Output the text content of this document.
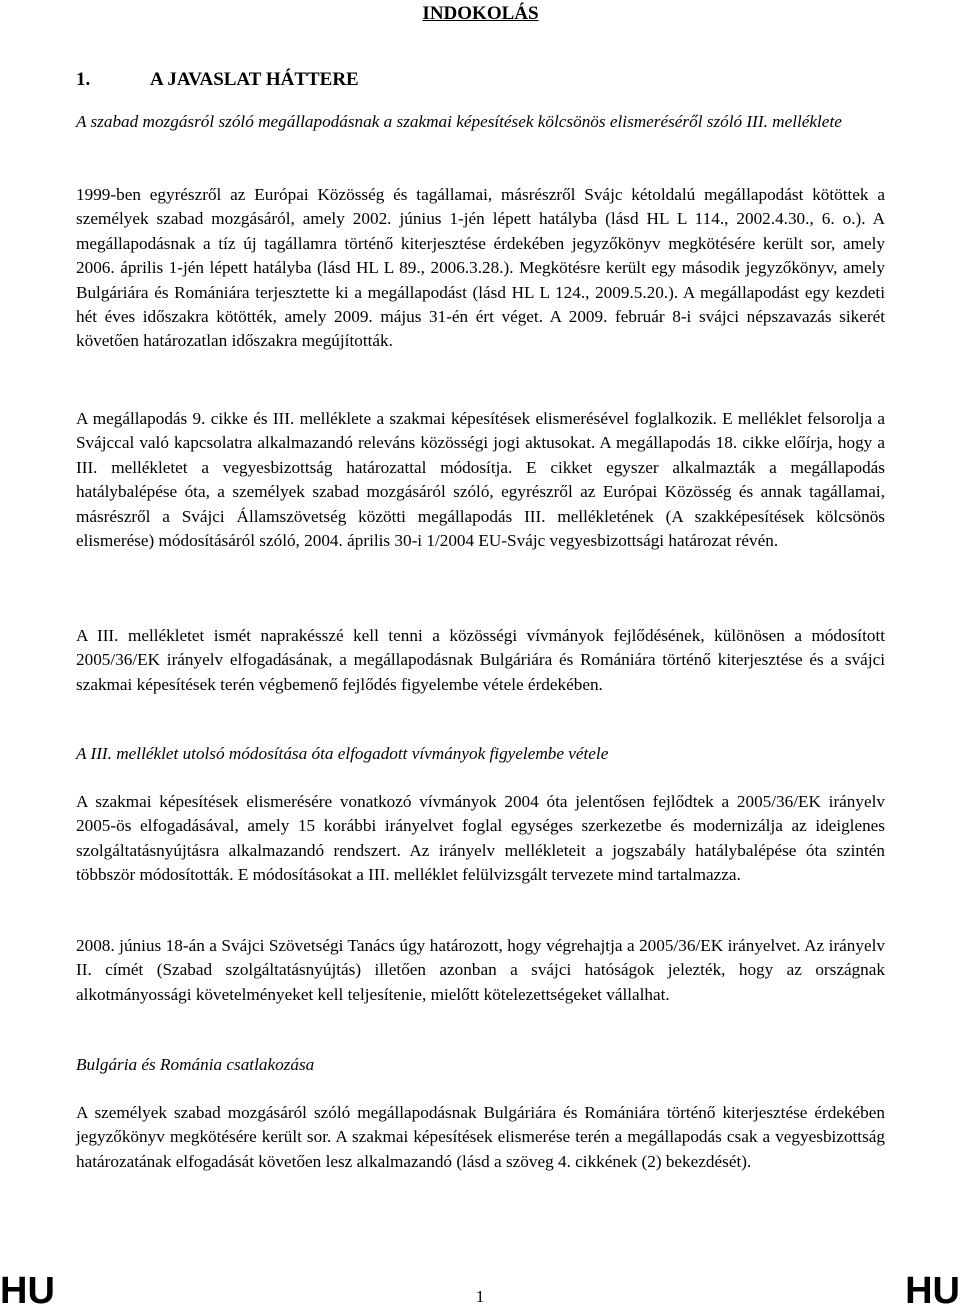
INDOKOLÁS
1.	A JAVASLAT HÁTTERE
A szabad mozgásról szóló megállapodásnak a szakmai képesítések kölcsönös elismeréséről szóló III. melléklete
1999-ben egyrészről az Európai Közösség és tagállamai, másrészről Svájc kétoldalú megállapodást kötöttek a személyek szabad mozgásáról, amely 2002. június 1-jén lépett hatályba (lásd HL L 114., 2002.4.30., 6. o.). A megállapodásnak a tíz új tagállamra történő kiterjesztése érdekében jegyzőkönyv megkötésére került sor, amely 2006. április 1-jén lépett hatályba (lásd HL L 89., 2006.3.28.). Megkötésre került egy második jegyzőkönyv, amely Bulgáriára és Romániára terjesztette ki a megállapodást (lásd HL L 124., 2009.5.20.). A megállapodást egy kezdeti hét éves időszakra kötötték, amely 2009. május 31-én ért véget. A 2009. február 8-i svájci népszavazás sikerét követően határozatlan időszakra megújították.
A megállapodás 9. cikke és III. melléklete a szakmai képesítések elismerésével foglalkozik. E melléklet felsorolja a Svájccal való kapcsolatra alkalmazandó releváns közösségi jogi aktusokat. A megállapodás 18. cikke előírja, hogy a III. mellékletet a vegyesbizottság határozattal módosítja. E cikket egyszer alkalmazták a megállapodás hatálybalépése óta, a személyek szabad mozgásáról szóló, egyrészről az Európai Közösség és annak tagállamai, másrészről a Svájci Államszövetség közötti megállapodás III. mellékletének (A szakképesítések kölcsönös elismerése) módosításáról szóló, 2004. április 30-i 1/2004 EU-Svájc vegyesbizottsági határozat révén.
A III. mellékletet ismét naprakésszé kell tenni a közösségi vívmányok fejlődésének, különösen a módosított 2005/36/EK irányelv elfogadásának, a megállapodásnak Bulgáriára és Romániára történő kiterjesztése és a svájci szakmai képesítések terén végbemenő fejlődés figyelembe vétele érdekében.
A III. melléklet utolsó módosítása óta elfogadott vívmányok figyelembe vétele
A szakmai képesítések elismerésére vonatkozó vívmányok 2004 óta jelentősen fejlődtek a 2005/36/EK irányelv 2005-ös elfogadásával, amely 15 korábbi irányelvet foglal egységes szerkezetbe és modernizálja az ideiglenes szolgáltatásnyújtásra alkalmazandó rendszert. Az irányelv mellékleteit a jogszabály hatálybalépése óta szintén többször módosították. E módosításokat a III. melléklet felülvizsgált tervezete mind tartalmazza.
2008. június 18-án a Svájci Szövetségi Tanács úgy határozott, hogy végrehajtja a 2005/36/EK irányelvet. Az irányelv II. címét (Szabad szolgáltatásnyújtás) illetően azonban a svájci hatóságok jelezték, hogy az országnak alkotmányossági követelményeket kell teljesítenie, mielőtt kötelezettségeket vállalhat.
Bulgária és Románia csatlakozása
A személyek szabad mozgásáról szóló megállapodásnak Bulgáriára és Romániára történő kiterjesztése érdekében jegyzőkönyv megkötésére került sor. A szakmai képesítések elismerése terén a megállapodás csak a vegyesbizottság határozatának elfogadását követően lesz alkalmazandó (lásd a szöveg 4. cikkének (2) bekezdését).
HU	1	HU
